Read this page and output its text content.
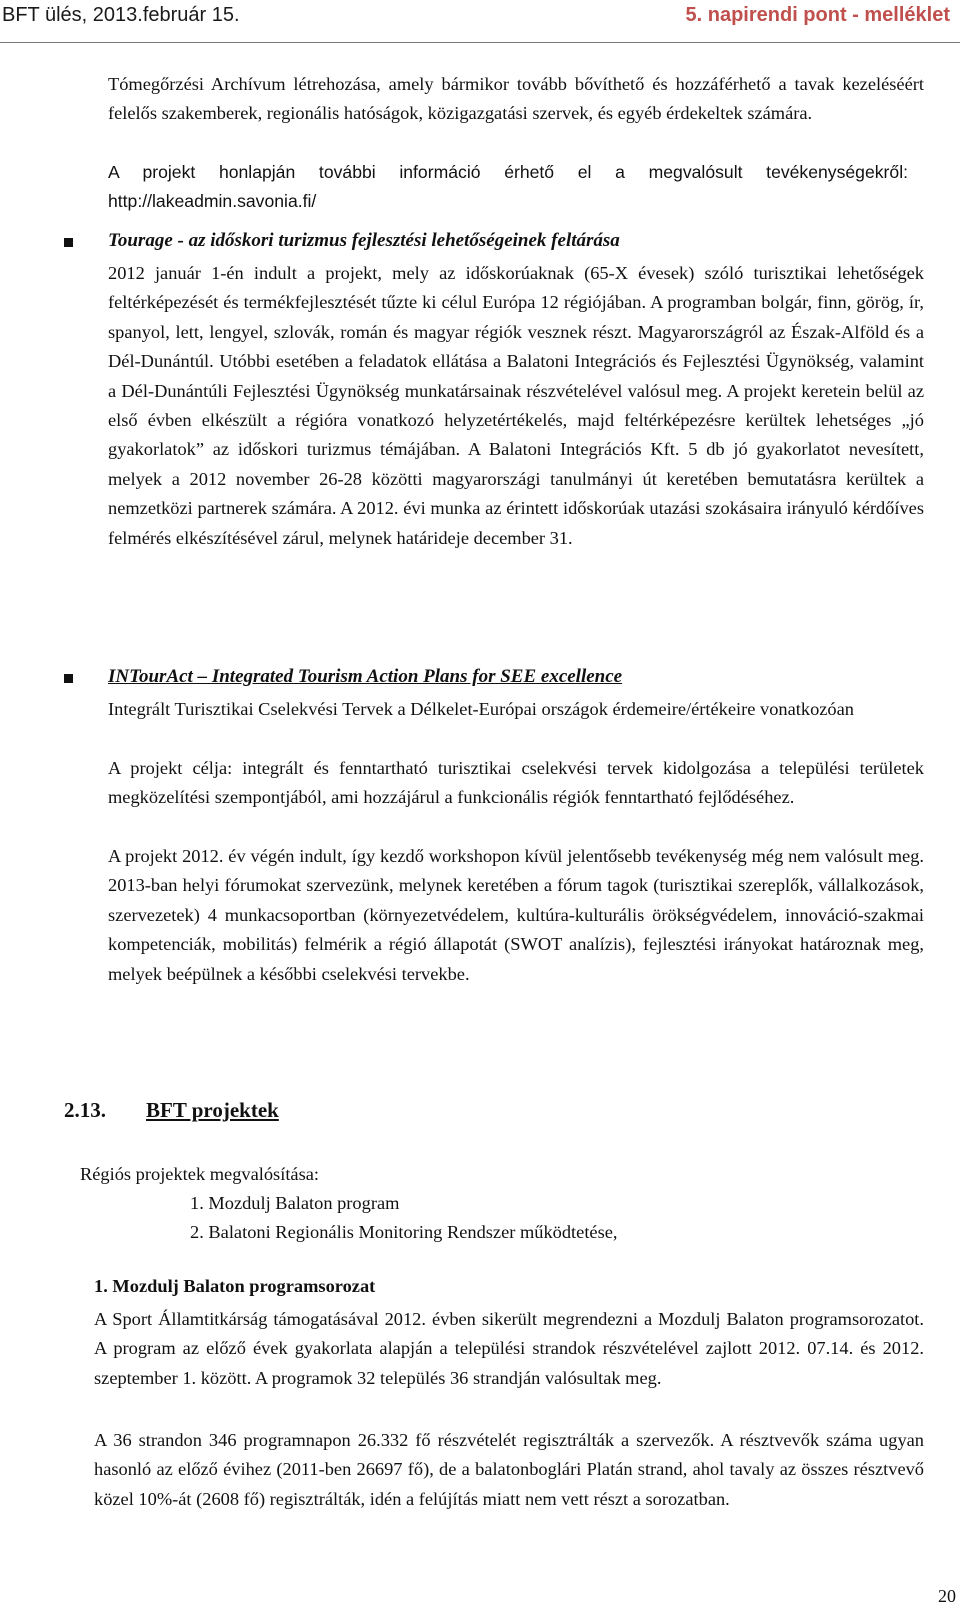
BFT ülés, 2013.február 15.	5. napirendi pont - melléklet

Tómegőrzési Archívum létrehozása, amely bármikor tovább bővíthető és hozzáférhető a tavak kezeléséért felelős szakemberek, regionális hatóságok, közigazgatási szervek, és egyéb érdekeltek számára.

A projekt honlapján további információ érhető el a megvalósult tevékenységekről: http://lakeadmin.savonia.fi/

Tourage - az időskori turizmus fejlesztési lehetőségeinek feltárása

2012 január 1-én indult a projekt, mely az időskorúaknak (65-X évesek) szóló turisztikai lehetőségek feltérképezését és termékfejlesztését tűzte ki célul Európa 12 régiójában. A programban bolgár, finn, görög, ír, spanyol, lett, lengyel, szlovák, román és magyar régiók vesznek részt. Magyarországról az Észak-Alföld és a Dél-Dunántúl. Utóbbi esetében a feladatok ellátása a Balatoni Integrációs és Fejlesztési Ügynökség, valamint a Dél-Dunántúli Fejlesztési Ügynökség munkatársainak részvételével valósul meg. A projekt keretein belül az első évben elkészült a régióra vonatkozó helyzetértékelés, majd feltérképezésre kerültek lehetséges „jó gyakorlatok” az időskori turizmus témájában. A Balatoni Integrációs Kft. 5 db jó gyakorlatot nevesített, melyek a 2012 november 26-28 közötti magyarországi tanulmányi út keretében bemutatásra kerültek a nemzetközi partnerek számára. A 2012. évi munka az érintett időskorúak utazási szokásaira irányuló kérdőíves felmérés elkészítésével zárul, melynek határideje december 31.

INTourAct – Integrated Tourism Action Plans for SEE excellence

Integrált Turisztikai Cselekvési Tervek a Délkelet-Európai országok érdemeire/értékeire vonatkozóan

A projekt célja: integrált és fenntartható turisztikai cselekvési tervek kidolgozása a települési területek megközelítési szempontjából, ami hozzájárul a funkcionális régiók fenntartható fejlődéséhez.

A projekt 2012. év végén indult, így kezdő workshopon kívül jelentősebb tevékenység még nem valósult meg. 2013-ban helyi fórumokat szervezünk, melynek keretében a fórum tagok (turisztikai szereplők, vállalkozások, szervezetek) 4 munkacsoportban (környezetvédelem, kultúra-kulturális örökségvédelem, innováció-szakmai kompetenciák, mobilitás) felmérik a régió állapotát (SWOT analízis), fejlesztési irányokat határoznak meg, melyek beépülnek a későbbi cselekvési tervekbe.

2.13. BFT projektek
Régiós projektek megvalósítása:
1. Mozdulj Balaton program
2. Balatoni Regionális Monitoring Rendszer működtetése,
1. Mozdulj Balaton programsorozat

A Sport Államtitkárság támogatásával 2012. évben sikerült megrendezni a Mozdulj Balaton programsorozatot. A program az előző évek gyakorlata alapján a települési strandok részvételével zajlott 2012. 07.14. és 2012. szeptember 1. között. A programok 32 település 36 strandján valósultak meg.

A 36 strandon 346 programnapon 26.332 fő részvételét regisztrálták a szervezők. A résztvevők száma ugyan hasonló az előző évihez (2011-ben 26697 fő), de a balatonboglári Platán strand, ahol tavaly az összes résztvevő közel 10%-át (2608 fő) regisztrálták, idén a felújítás miatt nem vett részt a sorozatban.

20
